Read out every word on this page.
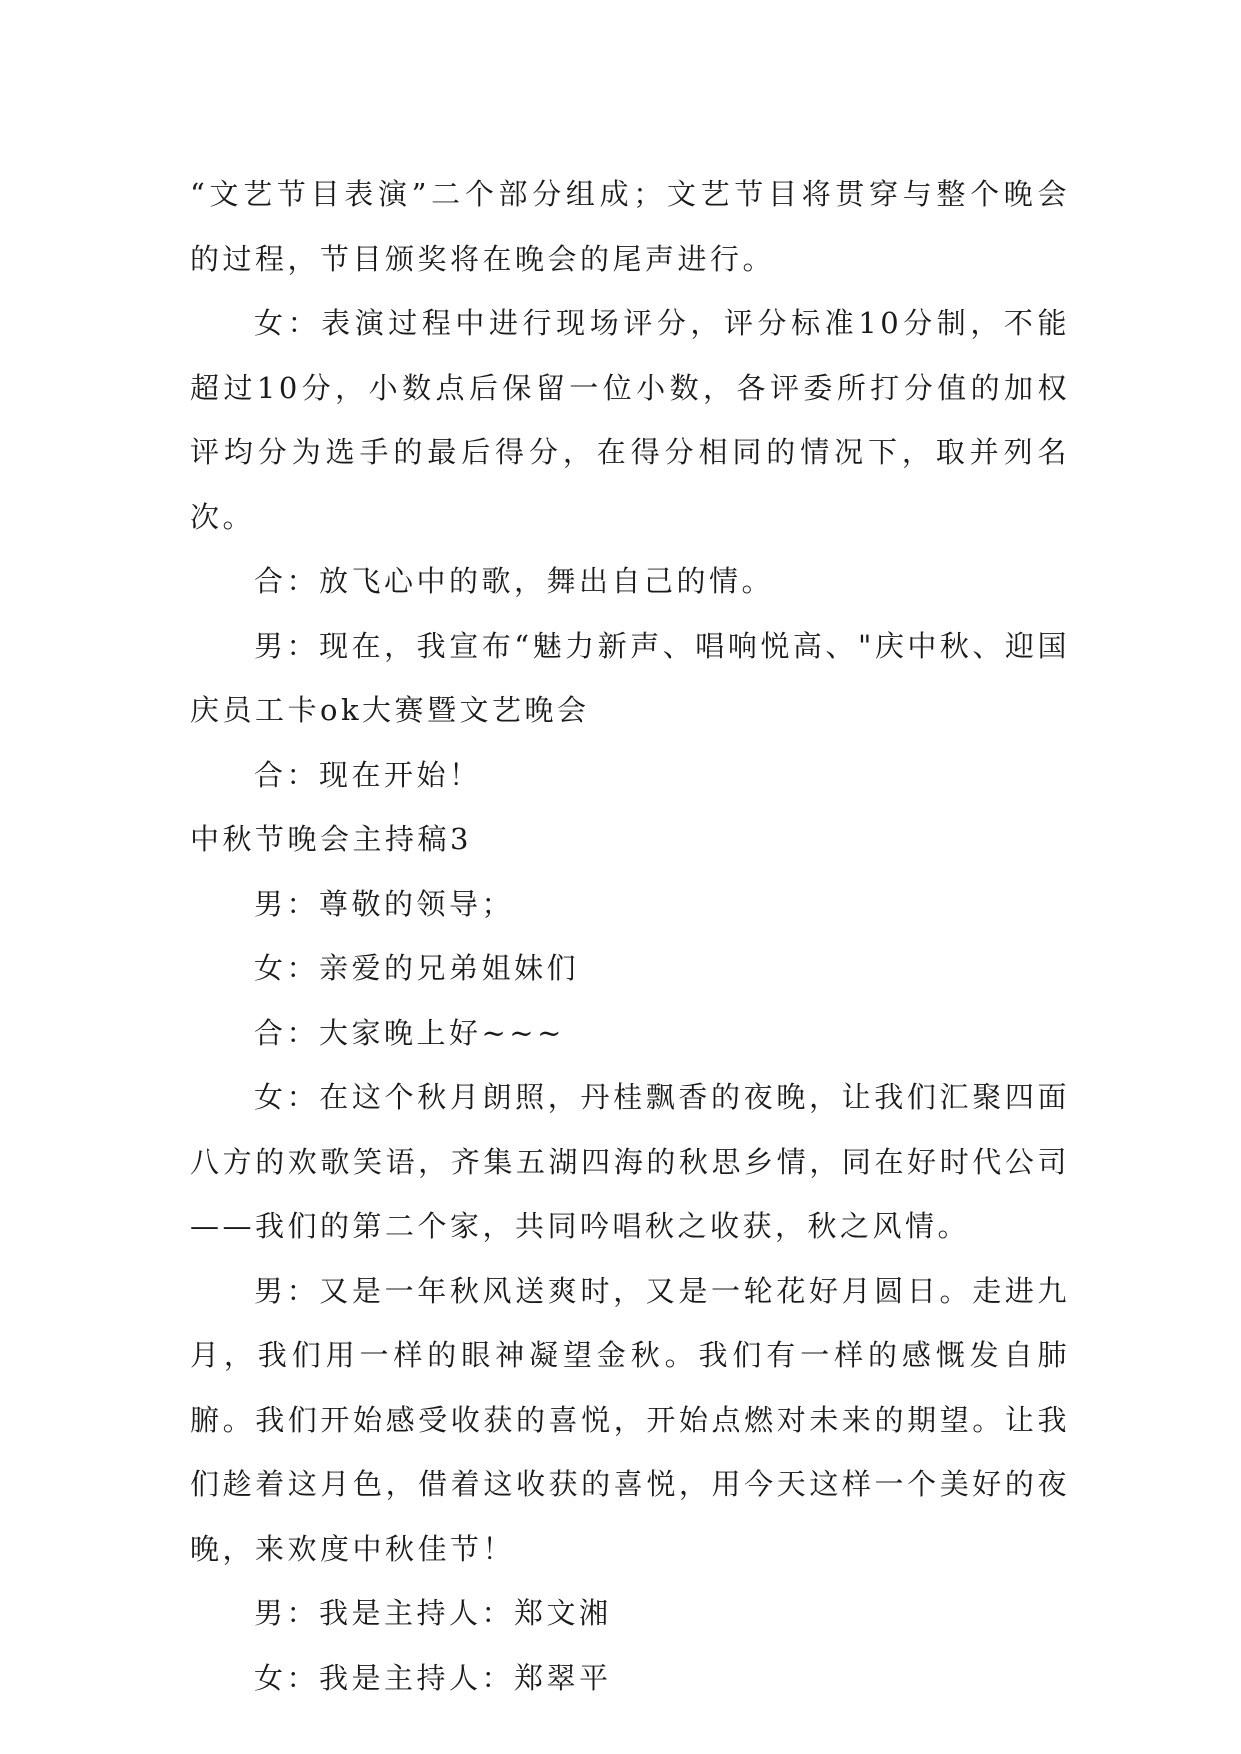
“文艺节目表演”二个部分组成；文艺节目将贯穿与整个晚会的过程，节目颁奖将在晚会的尾声进行。

女：表演过程中进行现场评分，评分标准10分制，不能超过10分，小数点后保留一位小数，各评委所打分值的加权评均分为选手的最后得分，在得分相同的情况下，取并列名次。

合：放飞心中的歌，舞出自己的情。

男：现在，我宣布“魅力新声、唱响悦高、"庆中秋、迎国庆员工卡ok大赛暨文艺晚会

合：现在开始！

中秋节晚会主持稿3

男：尊敬的领导；

女：亲爱的兄弟姐妹们

合：大家晚上好~~~

女：在这个秋月朗照，丹桂飘香的夜晚，让我们汇聚四面八方的欢歌笑语，齐集五湖四海的秋思乡情，同在好时代公司——我们的第二个家，共同吟唱秋之收获，秋之风情。

男：又是一年秋风送爽时，又是一轮花好月圆日。走进九月，我们用一样的眼神凝望金秋。我们有一样的感慨发自肺腑。我们开始感受收获的喜悦，开始点燃对未来的期望。让我们趁着这月色，借着这收获的喜悦，用今天这样一个美好的夜晚，来欢度中秋佳节！

男：我是主持人：郑文湘

女：我是主持人：郑翠平
